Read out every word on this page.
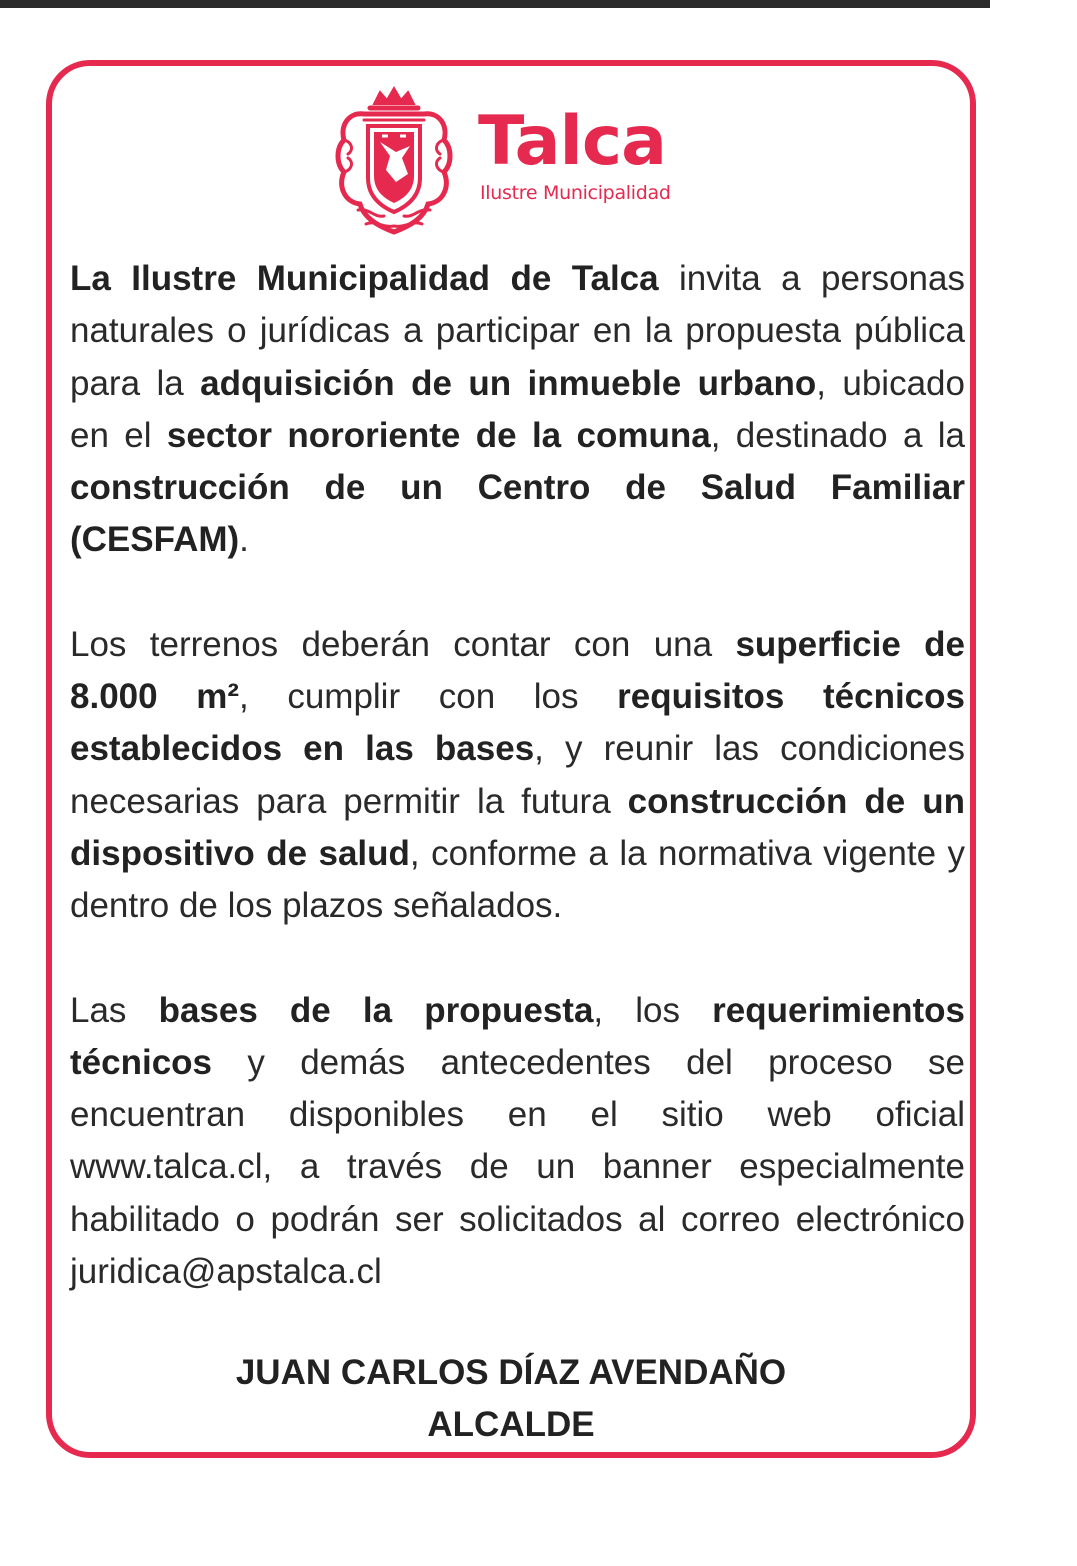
Talca

Ilustre Municipalidad

La Ilustre Municipalidad de Talca invita a personas naturales o jurídicas a participar en la propuesta pública para la adquisición de un inmueble urbano, ubicado en el sector nororiente de la comuna, destinado a la construcción de un Centro de Salud Familiar (CESFAM).

Los terrenos deberán contar con una superficie de 8.000 m², cumplir con los requisitos técnicos establecidos en las bases, y reunir las condiciones necesarias para permitir la futura construcción de un dispositivo de salud, conforme a la normativa vigente y dentro de los plazos señalados.

Las bases de la propuesta, los requerimientos técnicos y demás antecedentes del proceso se encuentran disponibles en el sitio web oficial www.talca.cl, a través de un banner especialmente habilitado o podrán ser solicitados al correo electrónico juridica@apstalca.cl

JUAN CARLOS DÍAZ AVENDAÑO

ALCALDE
